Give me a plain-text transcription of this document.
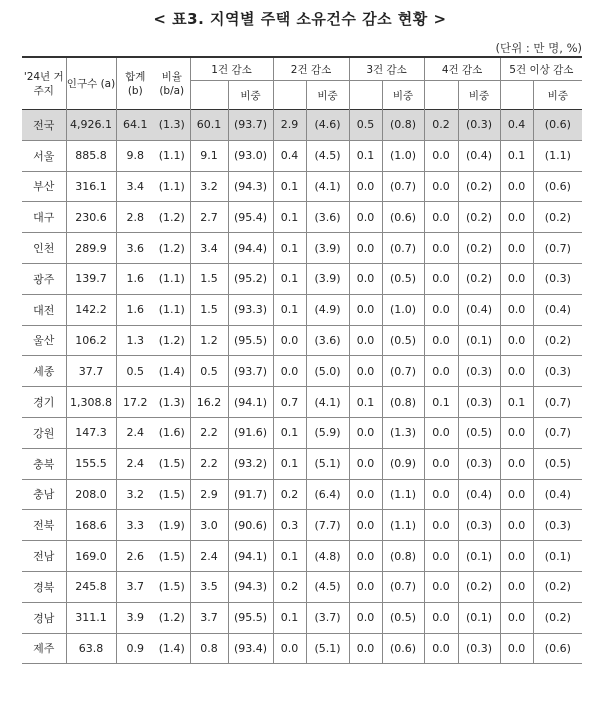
< 표3. 지역별 주택 소유건수 감소 현황 >
(단위 : 만 명, %)
'24년 거주지	인구수 (a)	합계 (b)	비율 (b/a)	1건 감소		2건 감소		3건 감소		4건 감소		5건 이상 감소	
					비중		비중		비중		비중		비중
전국	4,926.1	64.1	(1.3)	60.1	(93.7)	2.9	(4.6)	0.5	(0.8)	0.2	(0.3)	0.4	(0.6)
서울	885.8	9.8	(1.1)	9.1	(93.0)	0.4	(4.5)	0.1	(1.0)	0.0	(0.4)	0.1	(1.1)
부산	316.1	3.4	(1.1)	3.2	(94.3)	0.1	(4.1)	0.0	(0.7)	0.0	(0.2)	0.0	(0.6)
대구	230.6	2.8	(1.2)	2.7	(95.4)	0.1	(3.6)	0.0	(0.6)	0.0	(0.2)	0.0	(0.2)
인천	289.9	3.6	(1.2)	3.4	(94.4)	0.1	(3.9)	0.0	(0.7)	0.0	(0.2)	0.0	(0.7)
광주	139.7	1.6	(1.1)	1.5	(95.2)	0.1	(3.9)	0.0	(0.5)	0.0	(0.2)	0.0	(0.3)
대전	142.2	1.6	(1.1)	1.5	(93.3)	0.1	(4.9)	0.0	(1.0)	0.0	(0.4)	0.0	(0.4)
울산	106.2	1.3	(1.2)	1.2	(95.5)	0.0	(3.6)	0.0	(0.5)	0.0	(0.1)	0.0	(0.2)
세종	37.7	0.5	(1.4)	0.5	(93.7)	0.0	(5.0)	0.0	(0.7)	0.0	(0.3)	0.0	(0.3)
경기	1,308.8	17.2	(1.3)	16.2	(94.1)	0.7	(4.1)	0.1	(0.8)	0.1	(0.3)	0.1	(0.7)
강원	147.3	2.4	(1.6)	2.2	(91.6)	0.1	(5.9)	0.0	(1.3)	0.0	(0.5)	0.0	(0.7)
충북	155.5	2.4	(1.5)	2.2	(93.2)	0.1	(5.1)	0.0	(0.9)	0.0	(0.3)	0.0	(0.5)
충남	208.0	3.2	(1.5)	2.9	(91.7)	0.2	(6.4)	0.0	(1.1)	0.0	(0.4)	0.0	(0.4)
전북	168.6	3.3	(1.9)	3.0	(90.6)	0.3	(7.7)	0.0	(1.1)	0.0	(0.3)	0.0	(0.3)
전남	169.0	2.6	(1.5)	2.4	(94.1)	0.1	(4.8)	0.0	(0.8)	0.0	(0.1)	0.0	(0.1)
경북	245.8	3.7	(1.5)	3.5	(94.3)	0.2	(4.5)	0.0	(0.7)	0.0	(0.2)	0.0	(0.2)
경남	311.1	3.9	(1.2)	3.7	(95.5)	0.1	(3.7)	0.0	(0.5)	0.0	(0.1)	0.0	(0.2)
제주	63.8	0.9	(1.4)	0.8	(93.4)	0.0	(5.1)	0.0	(0.6)	0.0	(0.3)	0.0	(0.6)
